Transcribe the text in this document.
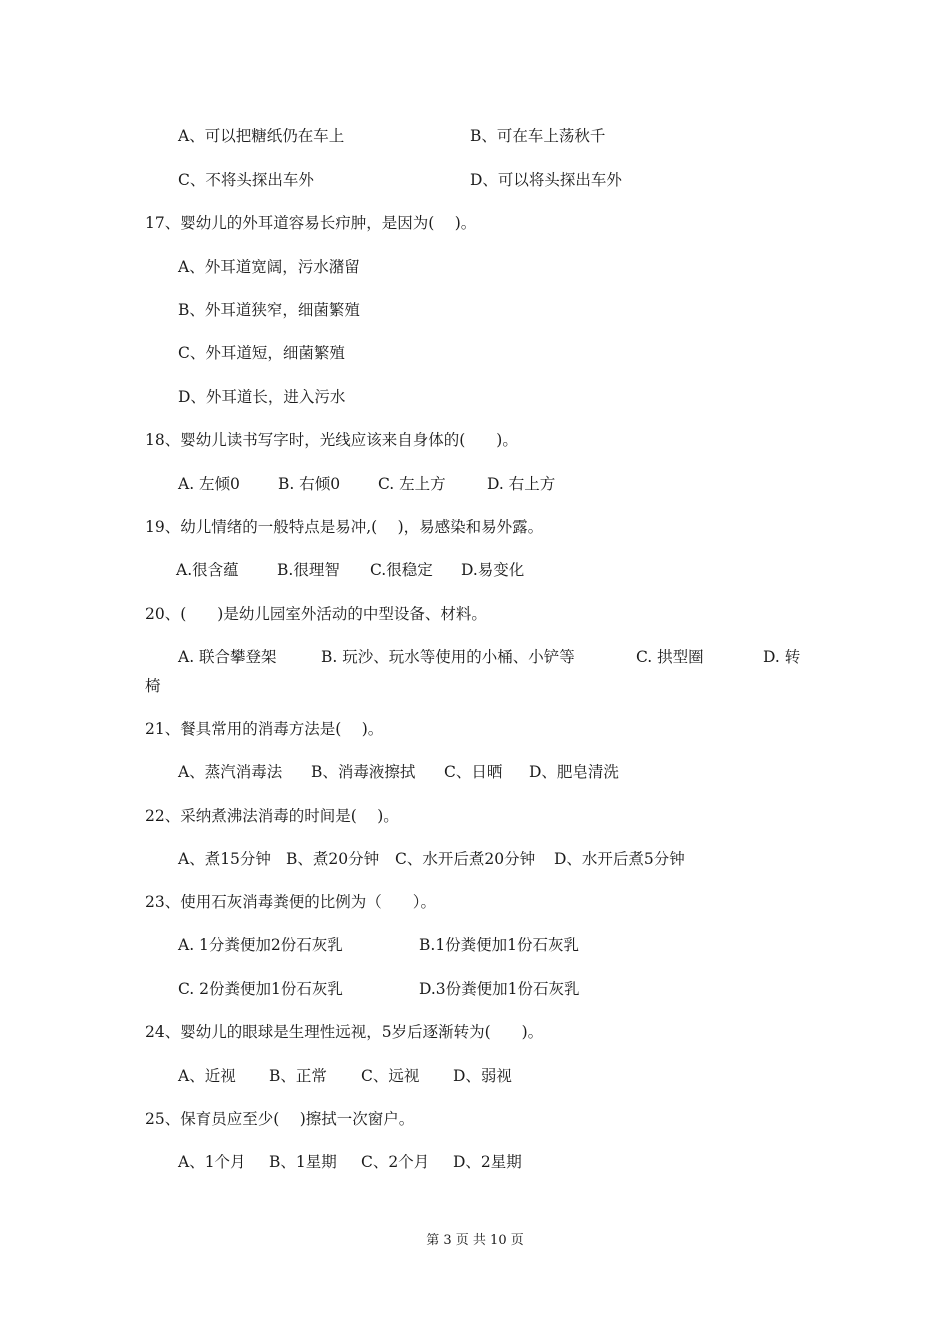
A、可以把糖纸仍在车上	B、可在车上荡秋千
C、不将头探出车外	D、可以将头探出车外
17、婴幼儿的外耳道容易长疖肿，是因为(　 )。
A、外耳道宽阔，污水潴留
B、外耳道狭窄，细菌繁殖
C、外耳道短，细菌繁殖
D、外耳道长，进入污水
18、婴幼儿读书写字时，光线应该来自身体的(　　)。
A. 左倾0 B. 右倾0 C. 左上方	D. 右上方
19、幼儿情绪的一般特点是易冲,(　 )，易感染和易外露。
A.很含蕴 B.很理智 C.很稳定 D.易变化
20、(　　)是幼儿园室外活动的中型设备、材料。
A. 联合攀登架	B. 玩沙、玩水等使用的小桶、小铲等	C. 拱型圈	D. 转
椅
21、餐具常用的消毒方法是(　 )。
A、蒸汽消毒法 B、消毒液擦拭 C、日晒 D、肥皂清洗
22、采纳煮沸法消毒的时间是(　 )。
A、煮15分钟 B、煮20分钟 C、水开后煮20分钟 D、水开后煮5分钟
23、使用石灰消毒粪便的比例为（　　）。
A. 1分粪便加2份石灰乳	B.1份粪便加1份石灰乳
C. 2份粪便加1份石灰乳	D.3份粪便加1份石灰乳
24、婴幼儿的眼球是生理性远视，5岁后逐渐转为(　　)。
A、近视 B、正常 C、远视 D、弱视
25、保育员应至少(　 )擦拭一次窗户。
A、1个月 B、1星期 C、2个月 D、2星期
第 3 页 共 10 页
